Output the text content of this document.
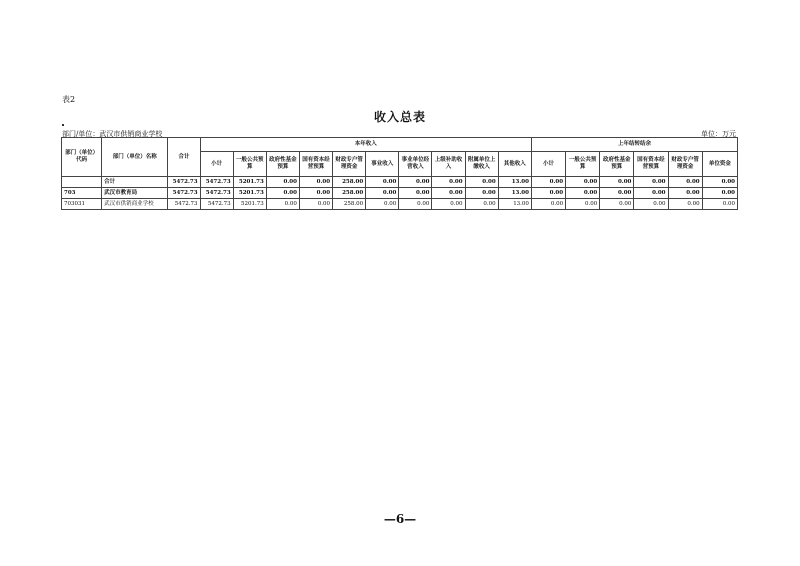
表2
收入总表
部门/单位：武汉市供销商业学校	单位：万元
部门（单位）代码	部门（单位）名称	合计	本年收入										上年结转结余					
			小计	一般公共预算	政府性基金预算	国有资本经营预算	财政专户管理资金	事业收入	事业单位经营收入	上级补助收入	附属单位上缴收入	其他收入	小计	一般公共预算	政府性基金预算	国有资本经营预算	财政专户管理资金	单位资金
	合计	5472.73	5472.73	5201.73	0.00	0.00	258.00	0.00	0.00	0.00	0.00	13.00	0.00	0.00	0.00	0.00	0.00	0.00
703	武汉市教育局	5472.73	5472.73	5201.73	0.00	0.00	258.00	0.00	0.00	0.00	0.00	13.00	0.00	0.00	0.00	0.00	0.00	0.00
703031	武汉市供销商业学校	5472.73	5472.73	5201.73	0.00	0.00	258.00	0.00	0.00	0.00	0.00	13.00	0.00	0.00	0.00	0.00	0.00	0.00
—6—
